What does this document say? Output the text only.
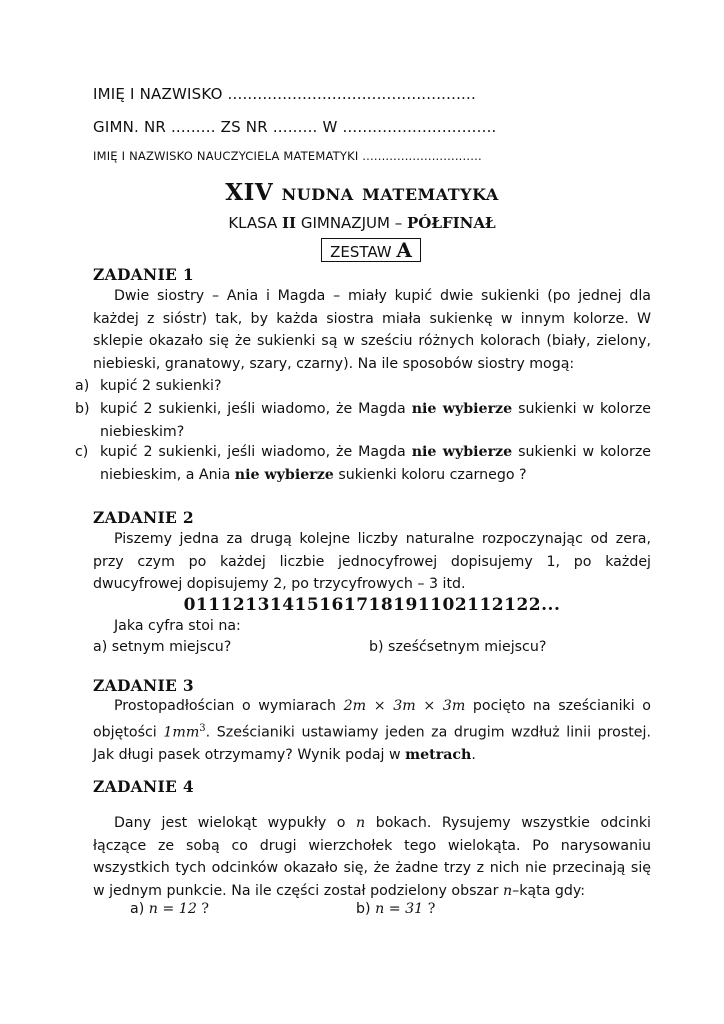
IMIĘ I NAZWISKO ..................................................
GIMN. NR ......... ZS NR ......... W ...............................
IMIĘ I NAZWISKO NAUCZYCIELA MATEMATYKI ...............................
XIV nudna matematyka
KLASA II GIMNAZJUM – PÓŁFINAŁ
ZESTAW A
ZADANIE 1
Dwie siostry – Ania i Magda – miały kupić dwie sukienki (po jednej dla każdej z sióstr) tak, by każda siostra miała sukienkę w innym kolorze. W sklepie okazało się że sukienki są w sześciu różnych kolorach (biały, zielony, niebieski, granatowy, szary, czarny). Na ile sposobów siostry mogą:
a) kupić 2 sukienki?
b) kupić 2 sukienki, jeśli wiadomo, że Magda nie wybierze sukienki w kolorze niebieskim?
c) kupić 2 sukienki, jeśli wiadomo, że Magda nie wybierze sukienki w kolorze niebieskim, a Ania nie wybierze sukienki koloru czarnego ?
ZADANIE 2
Piszemy jedna za drugą kolejne liczby naturalne rozpoczynając od zera, przy czym po każdej liczbie jednocyfrowej dopisujemy 1, po każdej dwucyfrowej dopisujemy 2, po trzycyfrowych – 3 itd.
01112131415161718191102112122...
Jaka cyfra stoi na:
a) setnym miejscu?	b) sześćsetnym miejscu?
ZADANIE 3
Prostopadłościan o wymiarach 2m × 3m × 3m pocięto na sześcianiki o objętości $1mm^3$. Sześcianiki ustawiamy jeden za drugim wzdłuż linii prostej. Jak długi pasek otrzymamy? Wynik podaj w metrach.
ZADANIE 4
Dany jest wielokąt wypukły o n bokach. Rysujemy wszystkie odcinki łączące ze sobą co drugi wierzchołek tego wielokąta. Po narysowaniu wszystkich tych odcinków okazało się, że żadne trzy z nich nie przecinają się w jednym punkcie. Na ile części został podzielony obszar n–kąta gdy:
a) n = 12 ?	b) n = 31 ?
